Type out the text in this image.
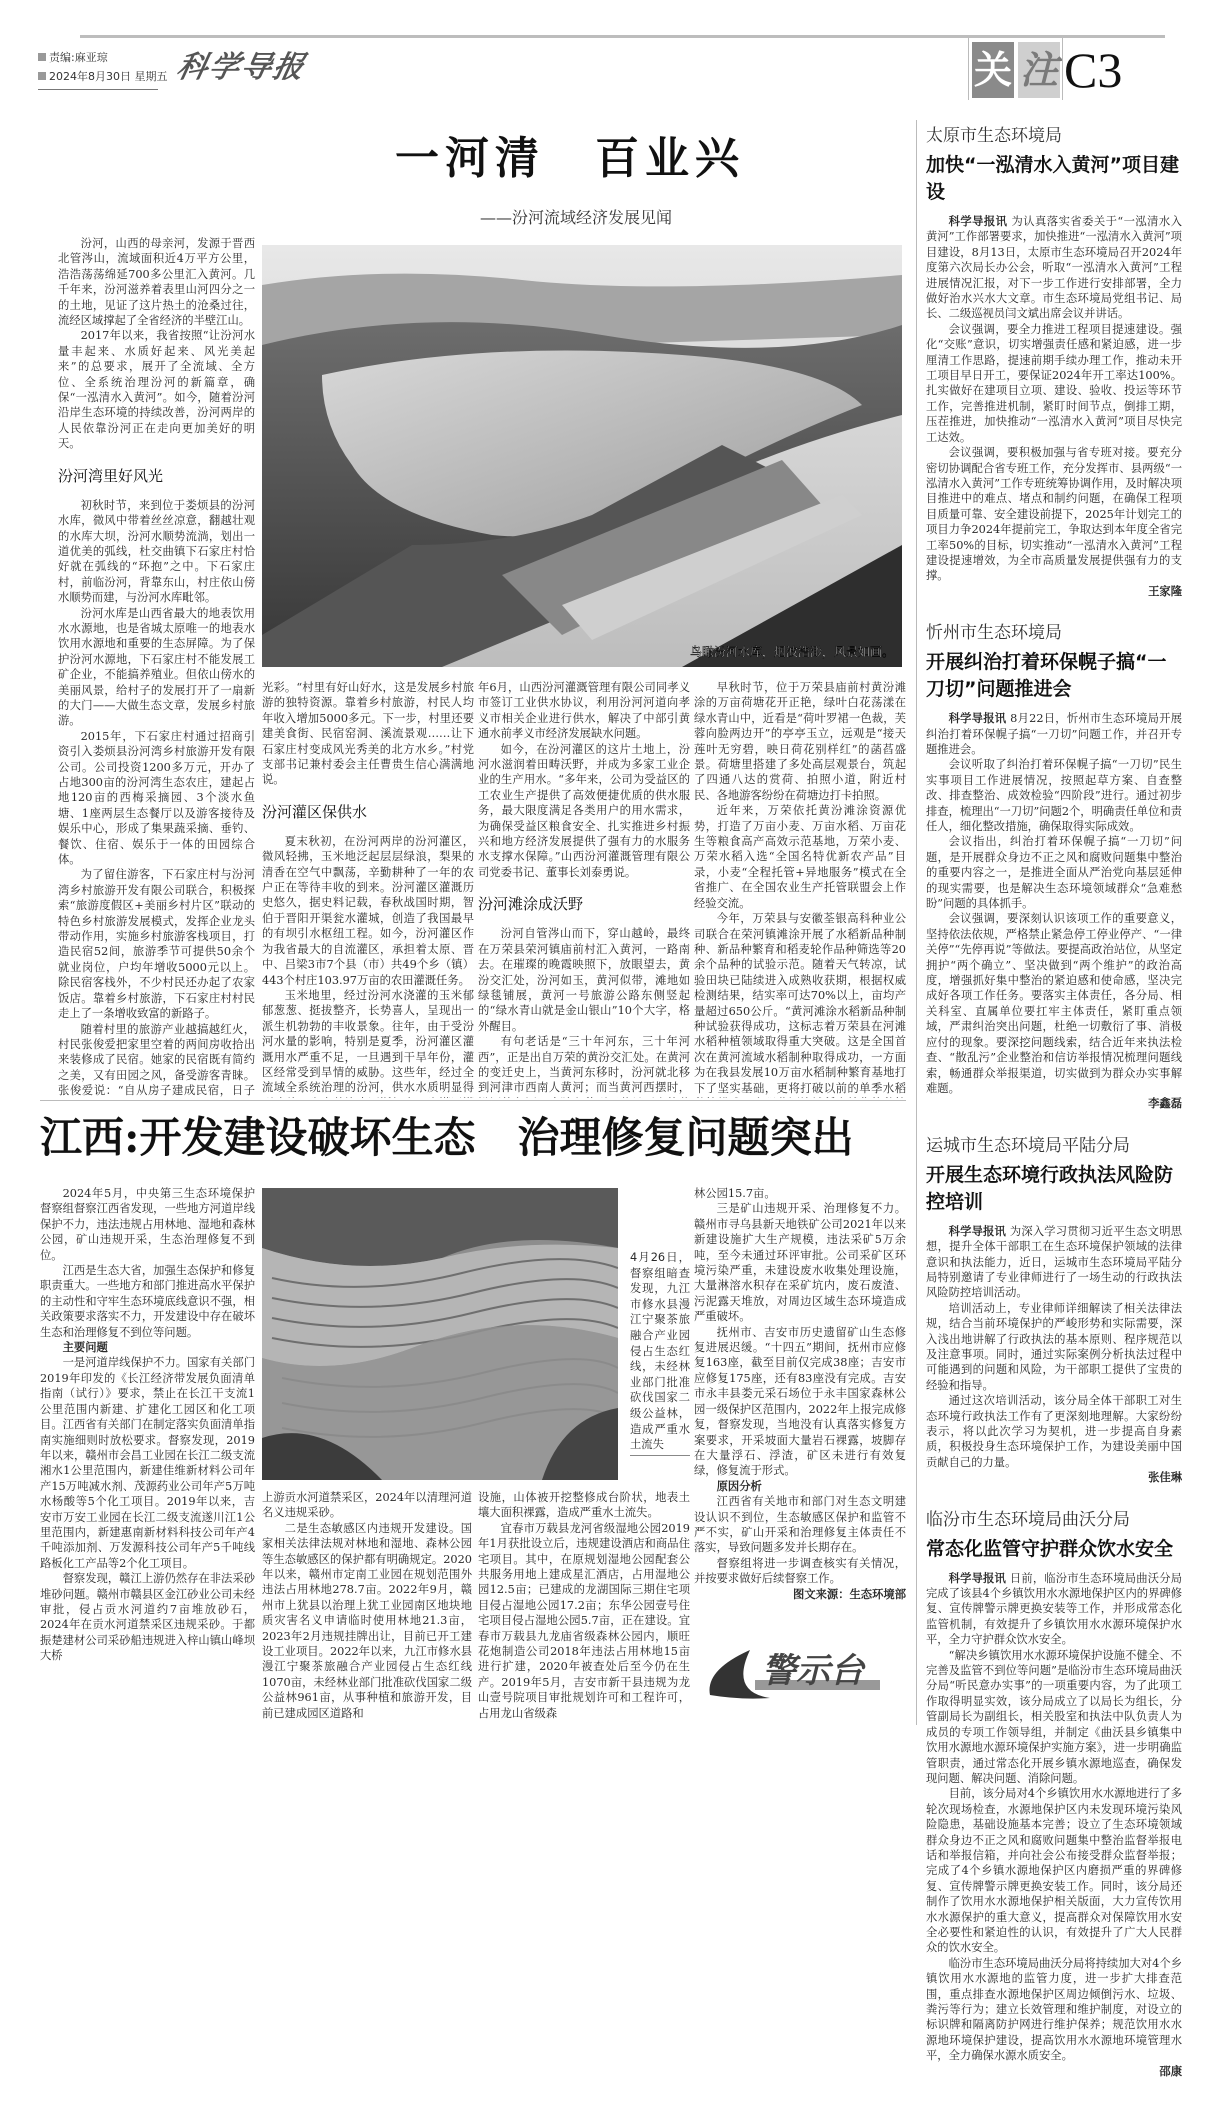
责编:麻亚琼
2024年8月30日 星期五 科学导报	关 注 C3
一河清　百业兴
——汾河流域经济发展见闻
鸟瞰汾河水库，烟波浩渺，风景如画。

汾河，山西的母亲河，发源于晋西北管涔山，流域面积近4万平方公里，浩浩荡荡绵延700多公里汇入黄河。几千年来，汾河滋养着表里山河四分之一的土地，见证了这片热土的沧桑过往，流经区域撑起了全省经济的半壁江山。

2017年以来，我省按照“让汾河水量丰起来、水质好起来、风光美起来”的总要求，展开了全流域、全方位、全系统治理汾河的新篇章，确保“一泓清水入黄河”。如今，随着汾河沿岸生态环境的持续改善，汾河两岸的人民依靠汾河正在走向更加美好的明天。

汾河湾里好风光

初秋时节，来到位于娄烦县的汾河水库，微风中带着丝丝凉意，翻越壮观的水库大坝，汾河水顺势流淌，划出一道优美的弧线，杜交曲镇下石家庄村恰好就在弧线的“环抱”之中。下石家庄村，前临汾河，背靠东山，村庄依山傍水顺势而建，与汾河水库毗邻。

汾河水库是山西省最大的地表饮用水水源地，也是省城太原唯一的地表水饮用水源地和重要的生态屏障。为了保护汾河水源地，下石家庄村不能发展工矿企业，不能搞养殖业。但依山傍水的美丽风景，给村子的发展打开了一扇新的大门——大做生态文章，发展乡村旅游。

2015年，下石家庄村通过招商引资引入娄烦县汾河湾乡村旅游开发有限公司。公司投资1200多万元，开办了占地300亩的汾河湾生态农庄，建起占地120亩的西梅采摘园、3个淡水鱼塘、1座两层生态餐厅以及游客接待及娱乐中心，形成了集果蔬采摘、垂钓、餐饮、住宿、娱乐于一体的田园综合体。

为了留住游客，下石家庄村与汾河湾乡村旅游开发有限公司联合，积极探索“旅游度假区+美丽乡村片区”联动的特色乡村旅游发展模式，发挥企业龙头带动作用，实施乡村旅游客栈项目，打造民宿52间，旅游季节可提供50余个就业岗位，户均年增收5000元以上。除民宿客栈外，不少村民还办起了农家饭店。靠着乡村旅游，下石家庄村村民走上了一条增收致富的新路子。

随着村里的旅游产业越搞越红火，村民张俊爱把家里空着的两间房收拾出来装修成了民宿。她家的民宿既有简约之美，又有田园之风，备受游客青睐。张俊爱说：“自从房子建成民宿，日子

光彩。“村里有好山好水，这是发展乡村旅游的独特资源。靠着乡村旅游，村民人均年收入增加5000多元。下一步，村里还要建美食街、民宿窑洞、溪流景观……让下石家庄村变成风光秀美的北方水乡。”村党支部书记兼村委会主任曹贵生信心满满地说。

汾河灌区保供水

夏末秋初，在汾河两岸的汾河灌区，微风轻拂，玉米地泛起层层绿浪，梨果的清香在空气中飘荡，辛勤耕种了一年的农户正在等待丰收的到来。汾河灌区灌溉历史悠久，据史料记载，春秋战国时期，智伯于晋阳开渠瓮水灌城，创造了我国最早的有坝引水枢纽工程。如今，汾河灌区作为我省最大的自流灌区，承担着太原、晋中、吕梁3市7个县（市）共49个乡（镇）443个村庄103.97万亩的农田灌溉任务。

玉米地里，经过汾河水浇灌的玉米郁郁葱葱、挺拔整齐，长势喜人，呈现出一派生机勃勃的丰收景象。往年，由于受汾河水量的影响，特别是夏季，汾河灌区灌溉用水严重不足，一旦遇到干旱年份，灌区经常受到旱情的威胁。这些年，经过全流域全系统治理的汾河，供水水质明显得

年6月，山西汾河灌溉管理有限公司同孝义市签订工业供水协议，利用汾河河道向孝义市相关企业进行供水，解决了中部引黄通水前孝义市经济发展缺水问题。

如今，在汾河灌区的这片土地上，汾河水滋润着田畴沃野，并成为多家工业企业的生产用水。“多年来，公司为受益区的工农业生产提供了高效便捷优质的供水服务，最大限度满足各类用户的用水需求，为确保受益区粮食安全、扎实推进乡村振兴和地方经济发展提供了强有力的水服务水支撑水保障。”山西汾河灌溉管理有限公司党委书记、董事长刘泰勇说。

汾河滩涂成沃野

汾河自管涔山而下，穿山越岭，最终在万荣县荣河镇庙前村汇入黄河，一路南去。在璀璨的晚霞映照下，放眼望去，黄汾交汇处，汾河如玉，黄河似带，滩地如绿毯铺展，黄河一号旅游公路东侧竖起的“绿水青山就是金山银山”10个大字，格外醒目。

有句老话是“三十年河东，三十年河西”，正是出自万荣的黄汾交汇处。在黄河的变迁史上，当黄河东移时，汾河就北移到河津市西南人黄河；而当黄河西摆时，

早秋时节，位于万荣县庙前村黄汾滩涂的万亩荷塘花开正艳，绿叶白花荡漾在绿水青山中，近看是“荷叶罗裙一色裁，芙蓉向脸两边开”的亭亭玉立，远观是“接天莲叶无穷碧，映日荷花别样红”的菡萏盛景。荷塘里搭建了多处高层观景台，筑起了四通八达的赏荷、拍照小道，附近村民、各地游客纷纷在荷塘边打卡拍照。

近年来，万荣依托黄汾滩涂资源优势，打造了万亩小麦、万亩水稻、万亩花生等粮食高产高效示范基地，万荣小麦、万荣水稻入选“全国名特优新农产品”目录，小麦“全程托管+异地服务”模式在全省推广、在全国农业生产托管联盟会上作经验交流。

今年，万荣县与安徽荃银高科种业公司联合在荣河镇滩涂开展了水稻新品种制种、新品种繁育和稻麦轮作品种筛选等20余个品种的试验示范。随着天气转凉，试验田块已陆续进入成熟收获期，根据权威检测结果，结实率可达70%以上，亩均产量超过650公斤。“黄河滩涂水稻新品种制种试验获得成功，这标志着万荣县在河滩水稻种植领域取得重大突破。这是全国首次在黄河流域水稻制种取得成功，一方面为在我县发展10万亩水稻制种繁育基地打下了坚实基础，更将打破以前的单季水稻

江西:开发建设破坏生态　治理修复问题突出
4月26日，督察组暗查发现，九江市修水县漫江宁聚茶旅融合产业园侵占生态红线，未经林业部门批准砍伐国家二级公益林，造成严重水土流失

2024年5月，中央第三生态环境保护督察组督察江西省发现，一些地方河道岸线保护不力，违法违规占用林地、湿地和森林公园，矿山违规开采，生态治理修复不到位。

江西是生态大省，加强生态保护和修复职责重大。一些地方和部门推进高水平保护的主动性和守牢生态环境底线意识不强，相关政策要求落实不力，开发建设中存在破坏生态和治理修复不到位等问题。

主要问题

一是河道岸线保护不力。国家有关部门2019年印发的《长江经济带发展负面清单指南（试行）》要求，禁止在长江干支流1公里范围内新建、扩建化工园区和化工项目。江西省有关部门在制定落实负面清单指南实施细则时放松要求。督察发现，2019年以来，赣州市会昌工业园在长江二级支流湘水1公里范围内，新建佳维新材料公司年产15万吨减水剂、茂源药业公司年产5万吨水杨酸等5个化工项目。2019年以来，吉安市万安工业园在长江二级支流遂川江1公里范围内，新建惠南新材料科技公司年产4千吨添加剂、万发源科技公司年产5千吨线路板化工产品等2个化工项目。

督察发现，赣江上游仍然存在非法采砂堆砂问题。赣州市赣县区金江砂业公司未经审批，侵占贡水河道约7亩堆放砂石，2024年在贡水河道禁采区违规采砂。于都振楚建材公司采砂船违规进入梓山镇山峰坝大桥

上游贡水河道禁采区，2024年以清理河道名义违规采砂。

二是生态敏感区内违规开发建设。国家相关法律法规对林地和湿地、森林公园等生态敏感区的保护都有明确规定。2020年以来，赣州市定南工业园在规划范围外违法占用林地278.7亩。2022年9月，赣州市上犹县以治理上犹工业园南区地块地质灾害名义申请临时使用林地21.3亩，2023年2月违规挂牌出让，目前已开工建设工业项目。2022年以来，九江市修水县漫江宁聚茶旅融合产业园侵占生态红线1070亩，未经林业部门批准砍伐国家二级公益林961亩，从事种植和旅游开发，目前已建成园区道路和

设施，山体被开挖整修成台阶状，地表土壤大面积裸露，造成严重水土流失。

宜春市万载县龙河省级湿地公园2019年1月获批设立后，违规建设酒店和商品住宅项目。其中，在原规划湿地公园配套公共服务用地上建成星汇酒店，占用湿地公园12.5亩；已建成的龙湖国际三期住宅项目侵占湿地公园17.2亩；东华公园壹号住宅项目侵占湿地公园5.7亩，正在建设。宜春市万载县九龙庙省级森林公园内，顺旺花炮制造公司2018年违法占用林地15亩进行扩建，2020年被查处后至今仍在生产。2019年5月，吉安市新干县违规为龙山壹号院项目审批规划许可和工程许可，占用龙山省级森

林公园15.7亩。

三是矿山违规开采、治理修复不力。赣州市寻乌县新天地铁矿公司2021年以来新建设施扩大生产规模，违法采矿5万余吨，至今未通过环评审批。公司采矿区环境污染严重，未建设废水收集处理设施，大量淋溶水积存在采矿坑内，废石废渣、污泥露天堆放，对周边区域生态环境造成严重破坏。

抚州市、吉安市历史遗留矿山生态修复进展迟缓。“十四五”期间，抚州市应修复163座，截至目前仅完成38座；吉安市应修复175座，还有83座没有完成。吉安市永丰县娄元采石场位于永丰国家森林公园一级保护区范围内，2022年上报完成修复，督察发现，当地没有认真落实修复方案要求，开采坡面大量岩石裸露，坡脚存在大量浮石、浮渣，矿区未进行有效复绿，修复流于形式。

原因分析

江西省有关地市和部门对生态文明建设认识不到位，生态敏感区保护和监管不严不实，矿山开采和治理修复主体责任不落实，导致问题多发并长期存在。

督察组将进一步调查核实有关情况，并按要求做好后续督察工作。

图文来源：生态环境部

警示台
太原市生态环境局
加快“一泓清水入黄河”项目建设

科学导报讯 为认真落实省委关于“一泓清水入黄河”工作部署要求，加快推进“一泓清水入黄河”项目建设，8月13日，太原市生态环境局召开2024年度第六次局长办公会，听取“一泓清水入黄河”工程进展情况汇报，对下一步工作进行安排部署，全力做好治水兴水大文章。市生态环境局党组书记、局长、二级巡视员闫文斌出席会议并讲话。

会议强调，要全力推进工程项目提速建设。强化“交账”意识，切实增强责任感和紧迫感，进一步厘清工作思路，提速前期手续办理工作，推动未开工项目早日开工，要保证2024年开工率达100%。扎实做好在建项目立项、建设、验收、投运等环节工作，完善推进机制，紧盯时间节点，倒排工期，压茬推进，加快推动“一泓清水入黄河”项目尽快完工达效。

会议强调，要积极加强与省专班对接。要充分密切协调配合省专班工作，充分发挥市、县两级“一泓清水入黄河”工作专班统筹协调作用，及时解决项目推进中的难点、堵点和制约问题，在确保工程项目质量可靠、安全建设前提下，2025年计划完工的项目力争2024年提前完工，争取达到本年度全省完工率50%的目标，切实推动“一泓清水入黄河”工程建设提速增效，为全市高质量发展提供强有力的支撑。

王家隆

忻州市生态环境局
开展纠治打着环保幌子搞“一刀切”问题推进会

科学导报讯 8月22日，忻州市生态环境局开展纠治打着环保幌子搞“一刀切”问题工作，并召开专题推进会。

会议听取了纠治打着环保幌子搞“一刀切”民生实事项目工作进展情况，按照起草方案、自查整改、排查整治、成效检验“四阶段”进行。通过初步排查，梳理出“一刀切”问题2个，明确责任单位和责任人，细化整改措施，确保取得实际成效。

会议指出，纠治打着环保幌子搞“一刀切”问题，是开展群众身边不正之风和腐败问题集中整治的重要内容之一，是推进全面从严治党向基层延伸的现实需要，也是解决生态环境领域群众“急难愁盼”问题的具体抓手。

会议强调，要深刻认识该项工作的重要意义，坚持依法依规，严格禁止紧急停工停业停产、“一律关停”“先停再说”等做法。要提高政治站位，从坚定拥护“两个确立”、坚决做到“两个维护”的政治高度，增强抓好集中整治的紧迫感和使命感，坚决完成好各项工作任务。要落实主体责任，各分局、相关科室、直属单位要扛牢主体责任，紧盯重点领域，严肃纠治突出问题，杜绝一切敷衍了事、消极应付的现象。要深挖问题线索，结合近年来执法检查、“散乱污”企业整治和信访举报情况梳理问题线索，畅通群众举报渠道，切实做到为群众办实事解难题。

李鑫磊

运城市生态环境局平陆分局
开展生态环境行政执法风险防控培训

科学导报讯 为深入学习贯彻习近平生态文明思想，提升全体干部职工在生态环境保护领域的法律意识和执法能力，近日，运城市生态环境局平陆分局特别邀请了专业律师进行了一场生动的行政执法风险防控培训活动。

培训活动上，专业律师详细解读了相关法律法规，结合当前环境保护的严峻形势和实际需要，深入浅出地讲解了行政执法的基本原则、程序规范以及注意事项。同时，通过实际案例分析执法过程中可能遇到的问题和风险，为干部职工提供了宝贵的经验和指导。

通过这次培训活动，该分局全体干部职工对生态环境行政执法工作有了更深刻地理解。大家纷纷表示，将以此次学习为契机，进一步提高自身素质，积极投身生态环境保护工作，为建设美丽中国贡献自己的力量。

张佳琳

临汾市生态环境局曲沃分局
常态化监管守护群众饮水安全

科学导报讯 日前，临汾市生态环境局曲沃分局完成了该县4个乡镇饮用水水源地保护区内的界碑修复、宣传牌警示牌更换安装等工作，并形成常态化监管机制，有效提升了乡镇饮用水水源环境保护水平，全力守护群众饮水安全。

“解决乡镇饮用水水源环境保护设施不健全、不完善及监管不到位等问题”是临汾市生态环境局曲沃分局“听民意办实事”的一项重要内容，为了此项工作取得明显实效，该分局成立了以局长为组长，分管副局长为副组长，相关股室和执法中队负责人为成员的专项工作领导组，并制定《曲沃县乡镇集中饮用水源地水源环境保护实施方案》，进一步明确监管职责，通过常态化开展乡镇水源地巡查，确保发现问题、解决问题、消除问题。

目前，该分局对4个乡镇饮用水水源地进行了多轮次现场检查，水源地保护区内未发现环境污染风险隐患，基础设施基本完善；设立了生态环境领域群众身边不正之风和腐败问题集中整治监督举报电话和举报信箱，并向社会公布接受群众监督举报；完成了4个乡镇水源地保护区内磨损严重的界碑修复、宣传牌警示牌更换安装工作。同时，该分局还制作了饮用水水源地保护相关版面，大力宣传饮用水水源保护的重大意义，提高群众对保障饮用水安全必要性和紧迫性的认识，有效提升了广大人民群众的饮水安全。

临汾市生态环境局曲沃分局将持续加大对4个乡镇饮用水水源地的监管力度，进一步扩大排查范围，重点排查水源地保护区周边倾倒污水、垃圾、粪污等行为；建立长效管理和维护制度，对设立的标识牌和隔离防护网进行维护保养；规范饮用水水源地环境保护建设，提高饮用水水源地环境管理水平，全力确保水源水质安全。

邵康
